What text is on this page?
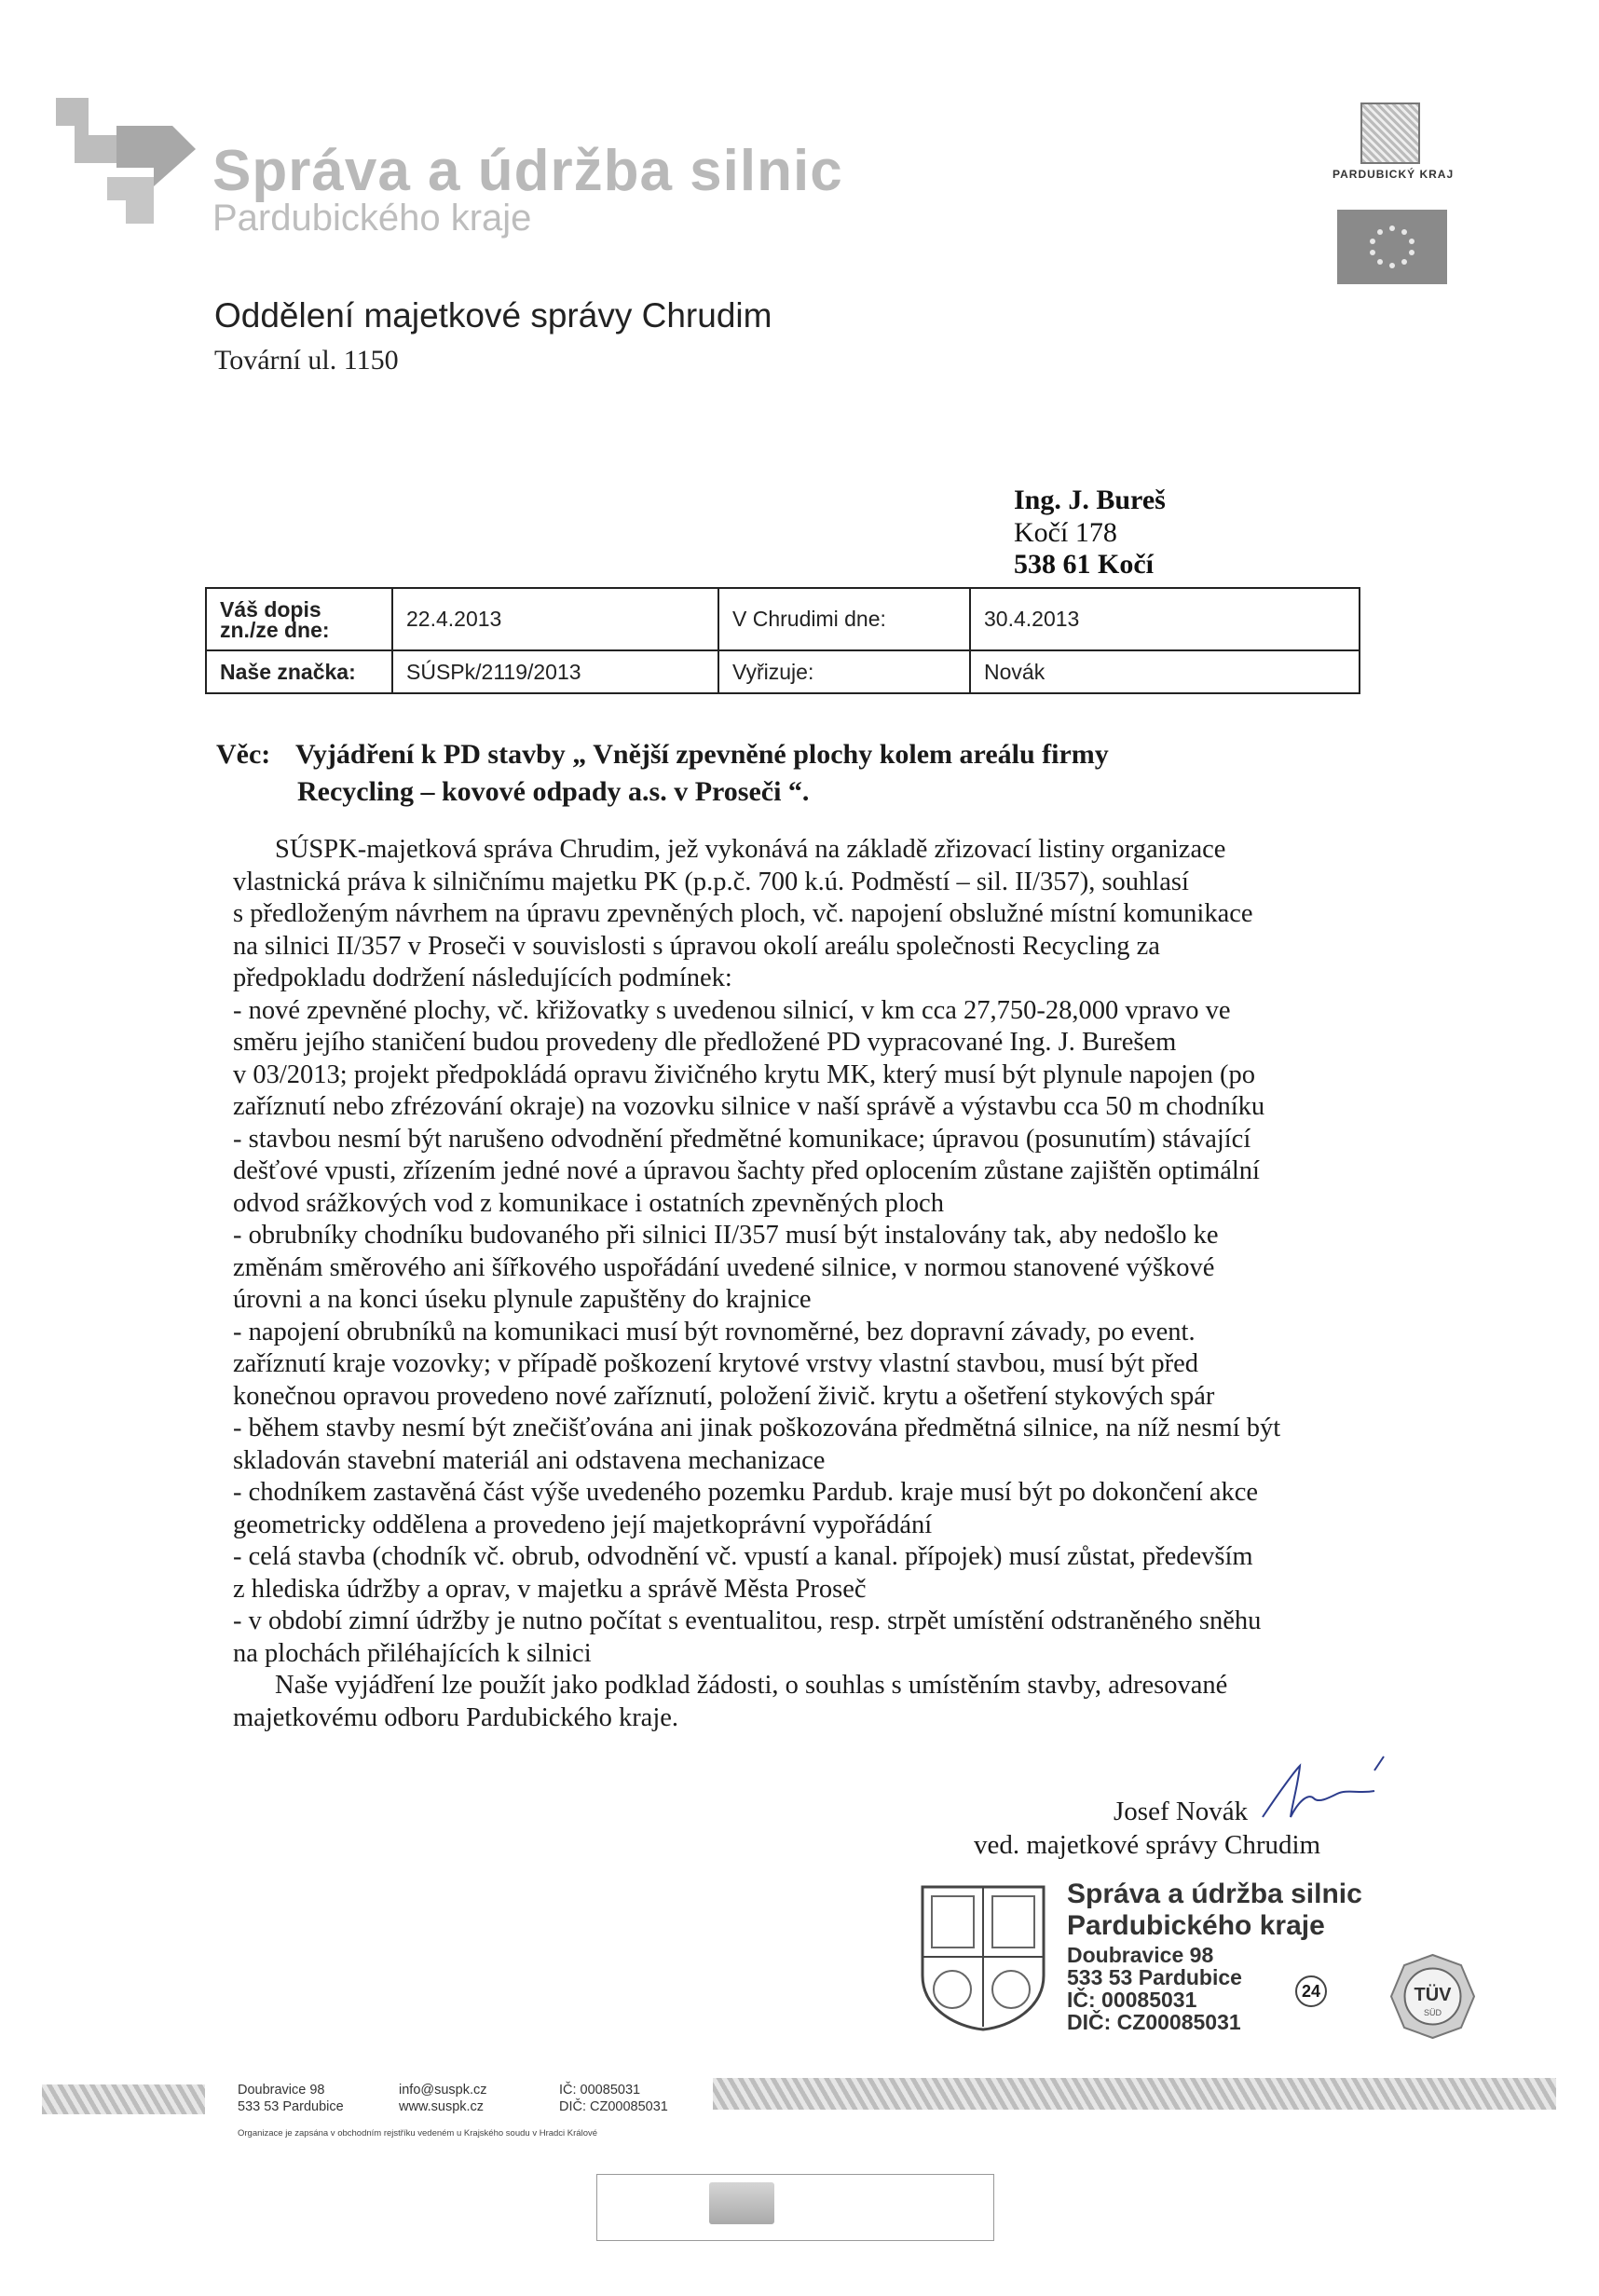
Správa a údržba silnic
Pardubického kraje
PARDUBICKÝ KRAJ
Oddělení majetkové správy Chrudim
Tovární ul. 1150
Ing. J. Bureš
Kočí 178
538 61 Kočí
Váš dopis zn./ze dne:	22.4.2013	V Chrudimi dne:	30.4.2013
Naše značka:	SÚSPk/2119/2013	Vyřizuje:	Novák
Věc: Vyjádření k PD stavby „ Vnější zpevněné plochy kolem areálu firmy
Recycling – kovové odpady a.s. v Proseči “.

SÚSPK-majetková správa Chrudim, jež vykonává na základě zřizovací listiny organizace

vlastnická práva k silničnímu majetku PK (p.p.č. 700 k.ú. Podměstí – sil. II/357), souhlasí

s předloženým návrhem na úpravu zpevněných ploch, vč. napojení obslužné místní komunikace

na silnici II/357 v Proseči v souvislosti s úpravou okolí areálu společnosti Recycling za

předpokladu dodržení následujících podmínek:

- nové zpevněné plochy, vč. křižovatky s uvedenou silnicí, v km cca 27,750-28,000 vpravo ve

směru jejího staničení budou provedeny dle předložené PD vypracované Ing. J. Burešem

v 03/2013; projekt předpokládá opravu živičného krytu MK, který musí být plynule napojen (po

zaříznutí nebo zfrézování okraje) na vozovku silnice v naší správě a výstavbu cca 50 m chodníku

- stavbou nesmí být narušeno odvodnění předmětné komunikace; úpravou (posunutím) stávající

dešťové vpusti, zřízením jedné nové a úpravou šachty před oplocením zůstane zajištěn optimální

odvod srážkových vod z komunikace i ostatních zpevněných ploch

- obrubníky chodníku budovaného při silnici II/357 musí být instalovány tak, aby nedošlo ke

změnám směrového ani šířkového uspořádání uvedené silnice, v normou stanovené výškové

úrovni a na konci úseku plynule zapuštěny do krajnice

- napojení obrubníků na komunikaci musí být rovnoměrné, bez dopravní závady, po event.

zaříznutí kraje vozovky; v případě poškození krytové vrstvy vlastní stavbou, musí být před

konečnou opravou provedeno nové zaříznutí, položení živič. krytu a ošetření stykových spár

- během stavby nesmí být znečišťována ani jinak poškozována předmětná silnice, na níž nesmí být

skladován stavební materiál ani odstavena mechanizace

- chodníkem zastavěná část výše uvedeného pozemku Pardub. kraje musí být po dokončení akce

geometricky oddělena a provedeno její majetkoprávní vypořádání

- celá stavba (chodník vč. obrub, odvodnění vč. vpustí a kanal. přípojek) musí zůstat, především

z hlediska údržby a oprav, v majetku a správě Města Proseč

- v období zimní údržby je nutno počítat s eventualitou, resp. strpět umístění odstraněného sněhu

na plochách přiléhajících k silnici

Naše vyjádření lze použít jako podklad žádosti, o souhlas s umístěním stavby, adresované

majetkovému odboru Pardubického kraje.

Josef Novák
ved. majetkové správy Chrudim
Správa a údržba silnic
Pardubického kraje
Doubravice 98
533 53 Pardubice
IČ: 00085031
DIČ: CZ00085031
24	TÜV
SÜD
Doubravice 98
533 53 Pardubice
info@suspk.cz
www.suspk.cz
IČ: 00085031
DIČ: CZ00085031
Organizace je zapsána v obchodním rejstříku vedeném u Krajského soudu v Hradci Králové
